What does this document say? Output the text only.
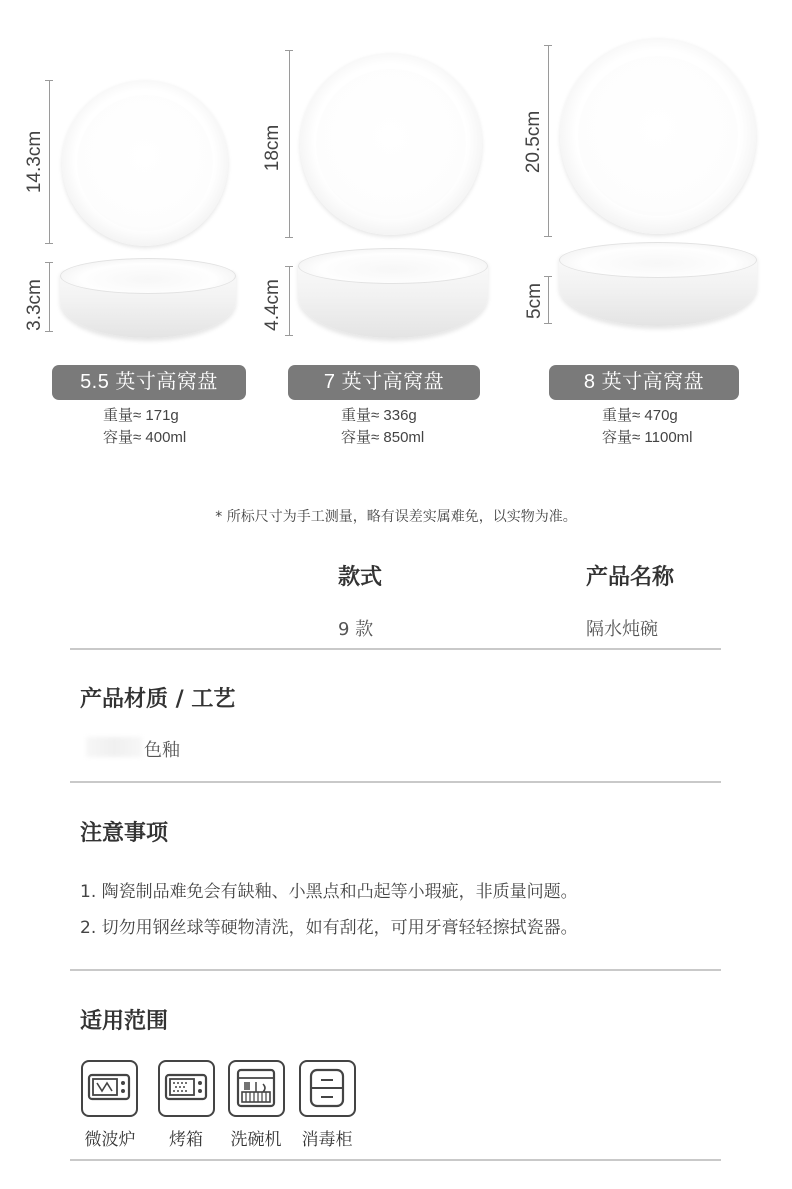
14.3cm
3.3cm
5.5 英寸高窝盘
重量≈ 171g
容量≈ 400ml
18cm
4.4cm
7 英寸高窝盘
重量≈ 336g
容量≈ 850ml
20.5cm
5cm
8 英寸高窝盘
重量≈ 470g
容量≈ 1100ml
* 所标尺寸为手工测量，略有误差实属难免，以实物为准。
款式	产品名称
9 款	隔水炖碗
产品材质 / 工艺
色釉
注意事项
1. 陶瓷制品难免会有缺釉、小黑点和凸起等小瑕疵，非质量问题。
2. 切勿用钢丝球等硬物清洗，如有刮花，可用牙膏轻轻擦拭瓷器。
适用范围
微波炉	烤箱	洗碗机	消毒柜
